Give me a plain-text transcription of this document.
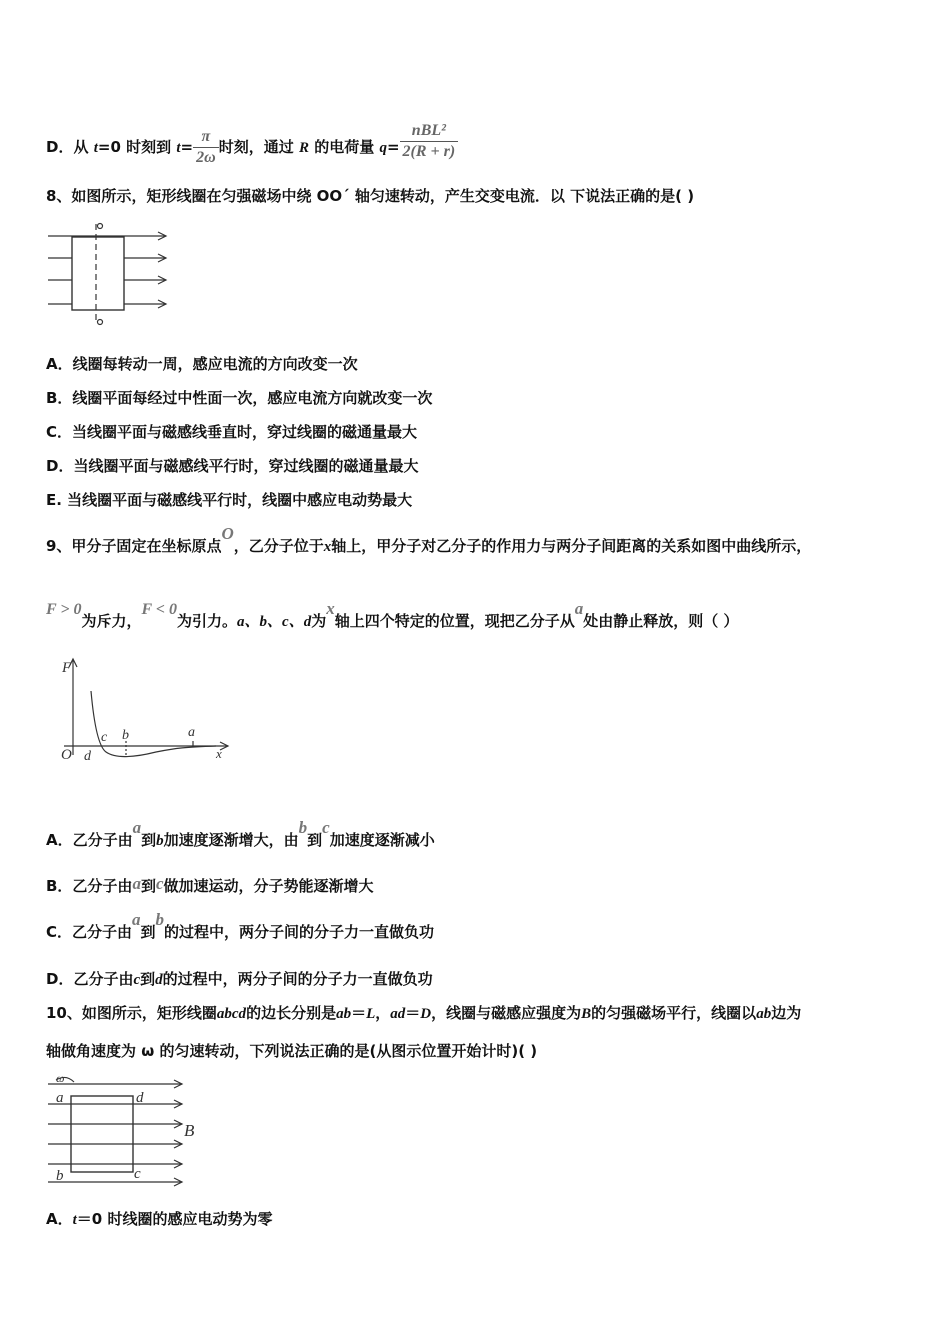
D．从 t=0 时刻到 $t= \frac{\pi}{2\omega}$ 时刻，通过 R 的电荷量 $q= \frac{\text{nBL²}}{2(R + r)}$
8、如图所示，矩形线圈在匀强磁场中绕 OO´ 轴匀速转动，产生交变电流．以 下说法正确的是( )
A．线圈每转动一周，感应电流的方向改变一次
B．线圈平面每经过中性面一次，感应电流方向就改变一次
C．当线圈平面与磁感线垂直时，穿过线圈的磁通量最大
D．当线圈平面与磁感线平行时，穿过线圈的磁通量最大
E. 当线圈平面与磁感线平行时，线圈中感应电动势最大
9、甲分子固定在坐标原点O，乙分子位于x轴上，甲分子对乙分子的作用力与两分子间距离的关系如图中曲线所示，
F > 0为斥力，F < 0为引力。a、b、c、d为x轴上四个特定的位置，现把乙分子从a处由静止释放，则（ ）
F
O d
c b	a
x
A．乙分子由a到b加速度逐渐增大，由b到c加速度逐渐减小
B．乙分子由a到c做加速运动，分子势能逐渐增大
C．乙分子由a到b的过程中，两分子间的分子力一直做负功
D．乙分子由c到d的过程中，两分子间的分子力一直做负功
10、如图所示，矩形线圈abcd的边长分别是ab＝L，ad＝D，线圈与磁感应强度为B的匀强磁场平行，线圈以ab边为
轴做角速度为 ω 的匀速转动，下列说法正确的是(从图示位置开始计时)( )
ω
a	d
B
b	c
A．t＝0 时线圈的感应电动势为零
